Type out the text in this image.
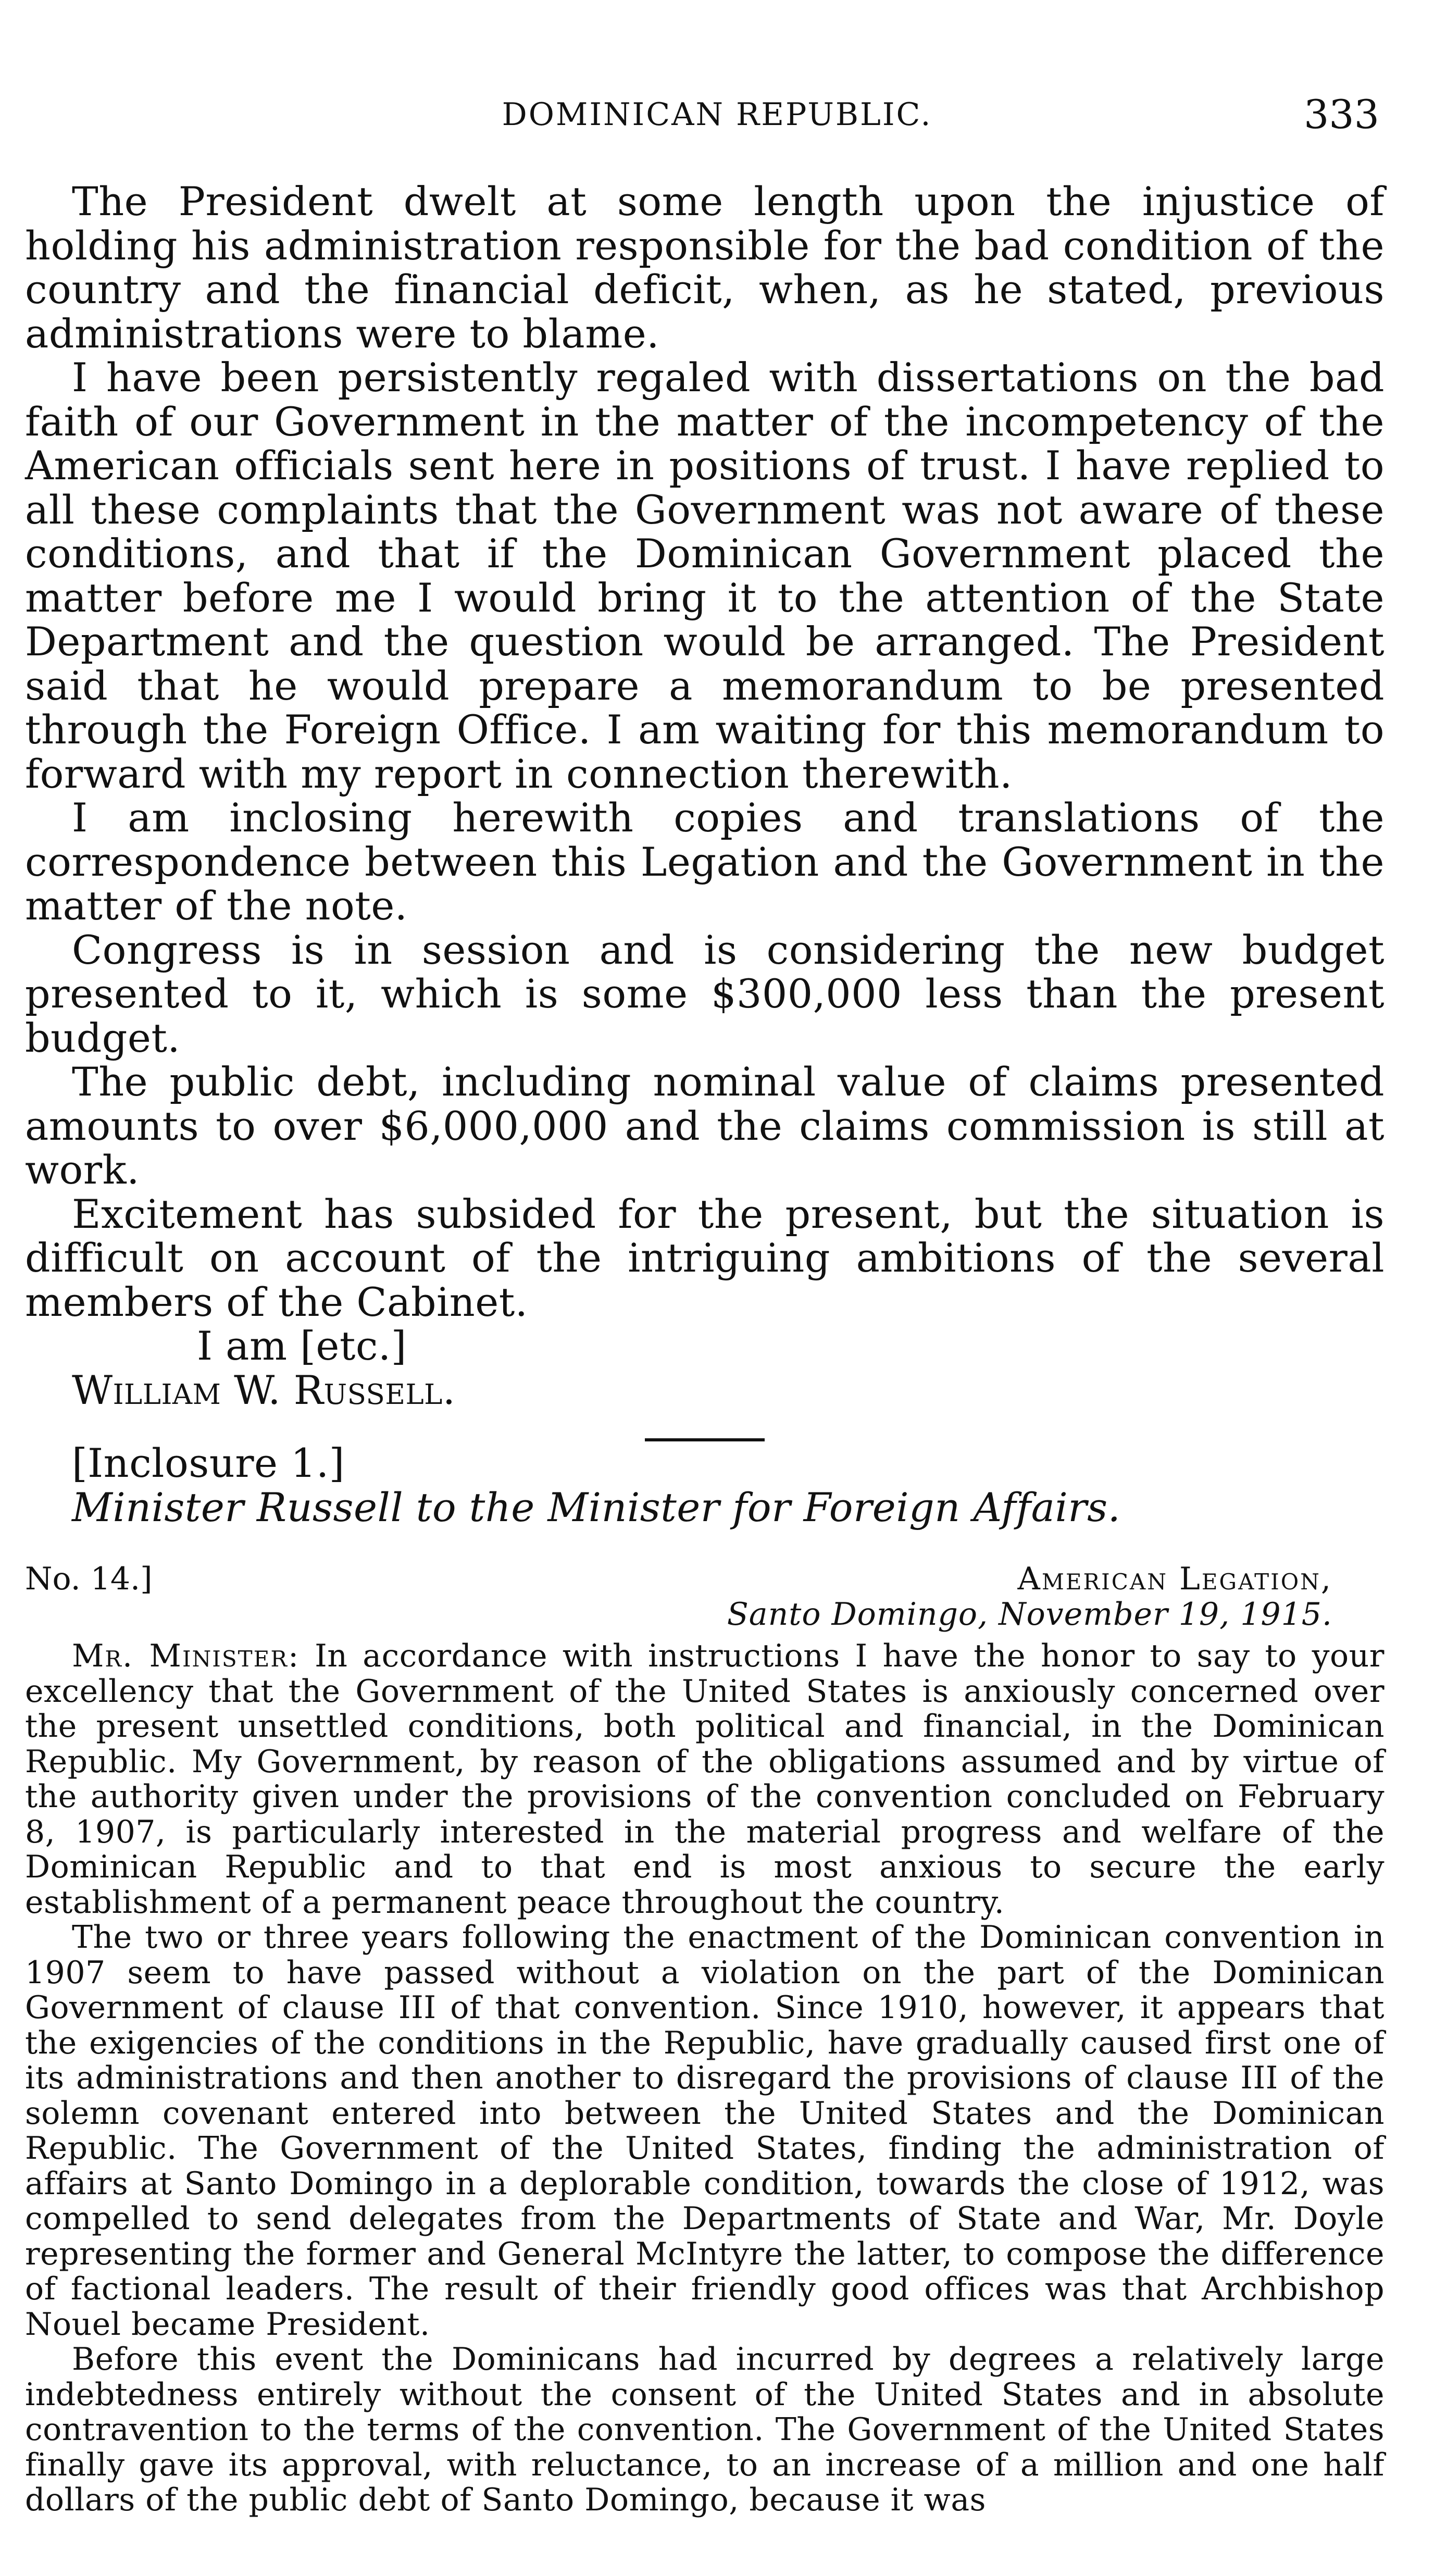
DOMINICAN REPUBLIC.	333

The President dwelt at some length upon the injustice of holding his administration responsible for the bad condition of the country and the financial deficit, when, as he stated, previous administrations were to blame.

I have been persistently regaled with dissertations on the bad faith of our Government in the matter of the incompetency of the American officials sent here in positions of trust. I have replied to all these complaints that the Government was not aware of these conditions, and that if the Dominican Government placed the matter before me I would bring it to the attention of the State Department and the question would be arranged. The President said that he would prepare a memorandum to be presented through the Foreign Office. I am waiting for this memorandum to forward with my report in connection therewith.

I am inclosing herewith copies and translations of the correspondence between this Legation and the Government in the matter of the note.

Congress is in session and is considering the new budget presented to it, which is some $300,000 less than the present budget.

The public debt, including nominal value of claims presented amounts to over $6,000,000 and the claims commission is still at work.

Excitement has subsided for the present, but the situation is difficult on account of the intriguing ambitions of the several members of the Cabinet.

I am [etc.]

William W. Russell.

[Inclosure 1.]

Minister Russell to the Minister for Foreign Affairs.

No. 14.]	American Legation,
Santo Domingo, November 19, 1915.

Mr. Minister: In accordance with instructions I have the honor to say to your excellency that the Government of the United States is anxiously concerned over the present unsettled conditions, both political and financial, in the Dominican Republic. My Government, by reason of the obligations assumed and by virtue of the authority given under the provisions of the convention concluded on February 8, 1907, is particularly interested in the material progress and welfare of the Dominican Republic and to that end is most anxious to secure the early establishment of a permanent peace throughout the country.

The two or three years following the enactment of the Dominican convention in 1907 seem to have passed without a violation on the part of the Dominican Government of clause III of that convention. Since 1910, however, it appears that the exigencies of the conditions in the Republic, have gradually caused first one of its administrations and then another to disregard the provisions of clause III of the solemn covenant entered into between the United States and the Dominican Republic. The Government of the United States, finding the administration of affairs at Santo Domingo in a deplorable condition, towards the close of 1912, was compelled to send delegates from the Departments of State and War, Mr. Doyle representing the former and General McIntyre the latter, to compose the difference of factional leaders. The result of their friendly good offices was that Archbishop Nouel became President.

Before this event the Dominicans had incurred by degrees a relatively large indebtedness entirely without the consent of the United States and in absolute contravention to the terms of the convention. The Government of the United States finally gave its approval, with reluctance, to an increase of a million and one half dollars of the public debt of Santo Domingo, because it was
